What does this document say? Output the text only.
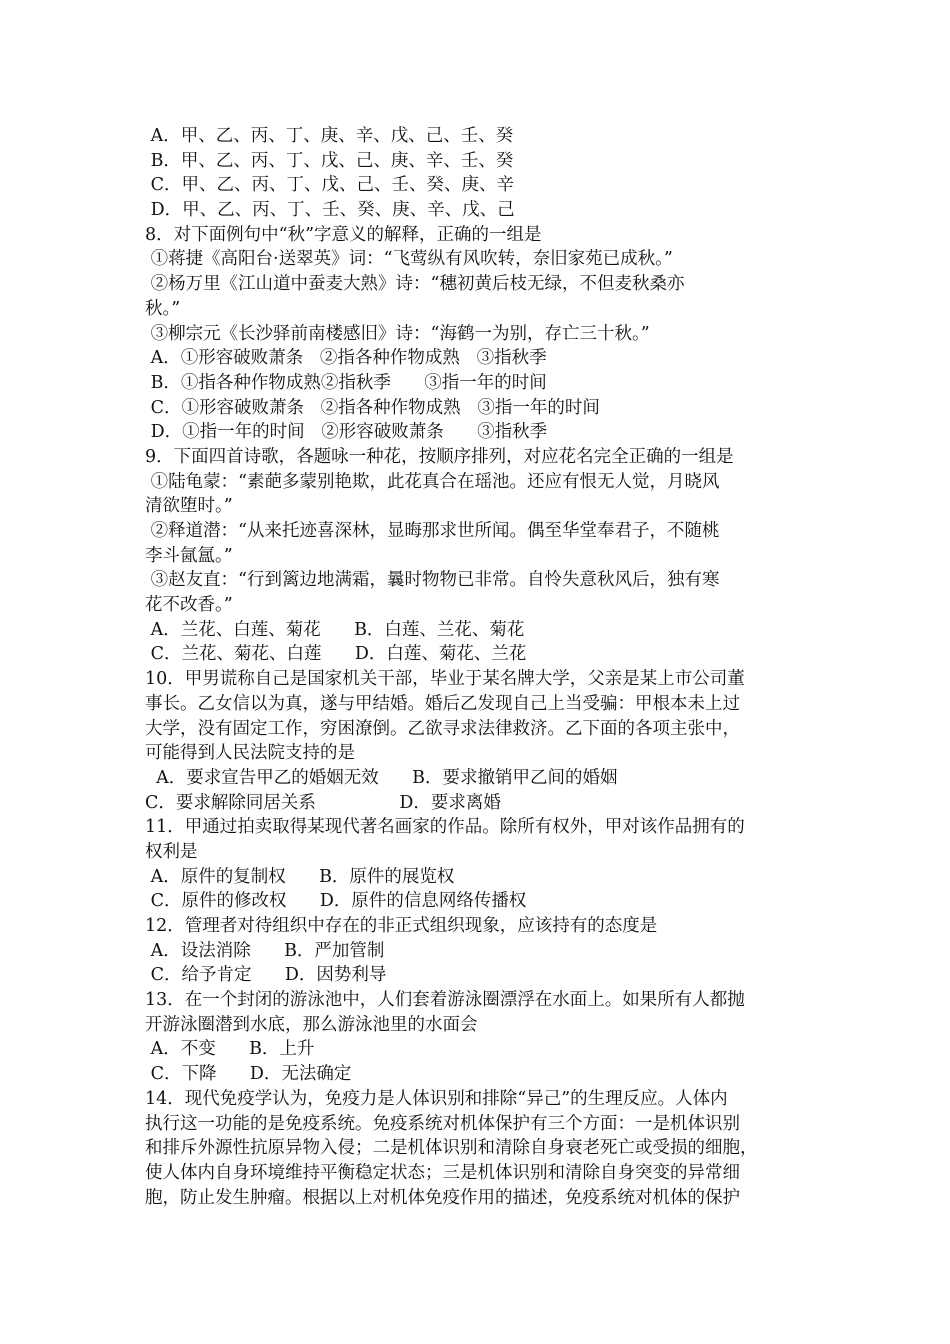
A．甲、乙、丙、丁、庚、辛、戊、己、壬、癸
B．甲、乙、丙、丁、戊、己、庚、辛、壬、癸
C．甲、乙、丙、丁、戊、己、壬、癸、庚、辛
D．甲、乙、丙、丁、壬、癸、庚、辛、戊、己
8．对下面例句中“秋”字意义的解释，正确的一组是
①蒋捷《高阳台·送翠英》词：“飞莺纵有风吹转，奈旧家苑已成秋。”
②杨万里《江山道中蚕麦大熟》诗：“穗初黄后枝无绿，不但麦秋桑亦
秋。”
③柳宗元《长沙驿前南楼感旧》诗：“海鹤一为别，存亡三十秋。”
A．①形容破败萧条   ②指各种作物成熟   ③指秋季
B．①指各种作物成熟②指秋季      ③指一年的时间
C．①形容破败萧条   ②指各种作物成熟   ③指一年的时间
D．①指一年的时间   ②形容破败萧条      ③指秋季
9．下面四首诗歌，各题咏一种花，按顺序排列，对应花名完全正确的一组是
①陆龟蒙：“素葩多蒙别艳欺，此花真合在瑶池。还应有恨无人觉，月晓风
清欲堕时。”
②释道潜：“从来托迹喜深林，显晦那求世所闻。偶至华堂奉君子，不随桃
李斗氤氲。”
③赵友直：“行到篱边地满霜，曩时物物已非常。自怜失意秋风后，独有寒
花不改香。”
A．兰花、白莲、菊花      B．白莲、兰花、菊花
C．兰花、菊花、白莲      D．白莲、菊花、兰花
10．甲男谎称自己是国家机关干部，毕业于某名牌大学，父亲是某上市公司董
事长。乙女信以为真，遂与甲结婚。婚后乙发现自己上当受骗：甲根本未上过
大学，没有固定工作，穷困潦倒。乙欲寻求法律救济。乙下面的各项主张中，
可能得到人民法院支持的是
A．要求宣告甲乙的婚姻无效      B．要求撤销甲乙间的婚姻
C．要求解除同居关系               D．要求离婚
11．甲通过拍卖取得某现代著名画家的作品。除所有权外，甲对该作品拥有的
权利是
A．原件的复制权      B．原件的展览权
C．原件的修改权      D．原件的信息网络传播权
12．管理者对待组织中存在的非正式组织现象，应该持有的态度是
A．设法消除      B．严加管制
C．给予肯定      D．因势利导
13．在一个封闭的游泳池中，人们套着游泳圈漂浮在水面上。如果所有人都抛
开游泳圈潜到水底，那么游泳池里的水面会
A．不变      B．上升
C．下降      D．无法确定
14．现代免疫学认为，免疫力是人体识别和排除“异己”的生理反应。人体内
执行这一功能的是免疫系统。免疫系统对机体保护有三个方面：一是机体识别
和排斥外源性抗原异物入侵；二是机体识别和清除自身衰老死亡或受损的细胞，
使人体内自身环境维持平衡稳定状态；三是机体识别和清除自身突变的异常细
胞，防止发生肿瘤。根据以上对机体免疫作用的描述，免疫系统对机体的保护
